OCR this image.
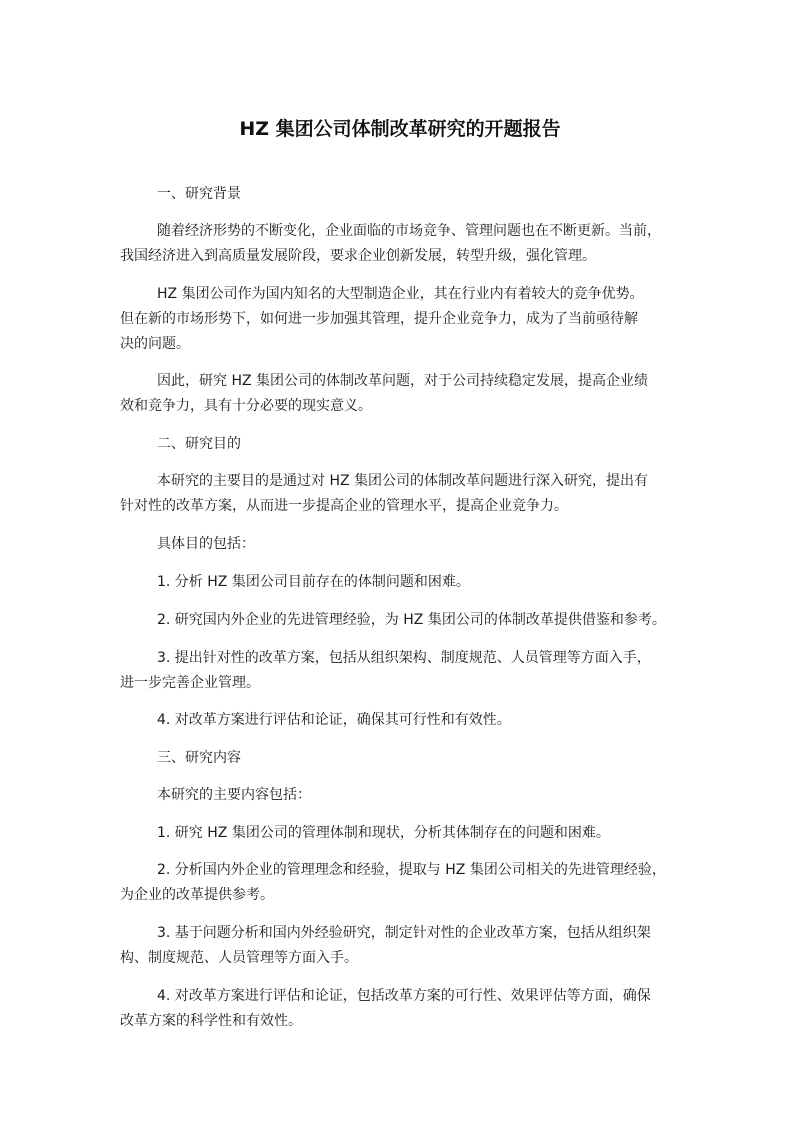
HZ 集团公司体制改革研究的开题报告
一、研究背景
随着经济形势的不断变化，企业面临的市场竞争、管理问题也在不断更新。当前，
我国经济进入到高质量发展阶段，要求企业创新发展，转型升级，强化管理。
HZ 集团公司作为国内知名的大型制造企业，其在行业内有着较大的竞争优势。
但在新的市场形势下，如何进一步加强其管理，提升企业竞争力，成为了当前亟待解
决的问题。
因此，研究 HZ 集团公司的体制改革问题，对于公司持续稳定发展，提高企业绩
效和竞争力，具有十分必要的现实意义。
二、研究目的
本研究的主要目的是通过对 HZ 集团公司的体制改革问题进行深入研究，提出有
针对性的改革方案，从而进一步提高企业的管理水平，提高企业竞争力。
具体目的包括：
1. 分析 HZ 集团公司目前存在的体制问题和困难。
2. 研究国内外企业的先进管理经验，为 HZ 集团公司的体制改革提供借鉴和参考。
3. 提出针对性的改革方案，包括从组织架构、制度规范、人员管理等方面入手，
进一步完善企业管理。
4. 对改革方案进行评估和论证，确保其可行性和有效性。
三、研究内容
本研究的主要内容包括：
1. 研究 HZ 集团公司的管理体制和现状，分析其体制存在的问题和困难。
2. 分析国内外企业的管理理念和经验，提取与 HZ 集团公司相关的先进管理经验，
为企业的改革提供参考。
3. 基于问题分析和国内外经验研究，制定针对性的企业改革方案，包括从组织架
构、制度规范、人员管理等方面入手。
4. 对改革方案进行评估和论证，包括改革方案的可行性、效果评估等方面，确保
改革方案的科学性和有效性。
